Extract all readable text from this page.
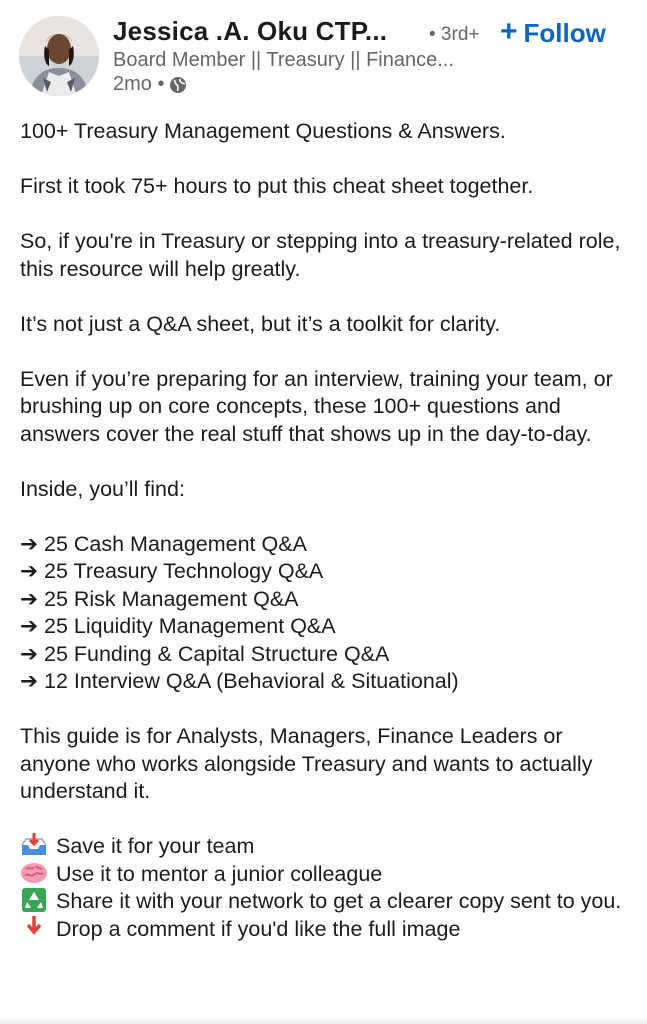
Jessica .A. Oku CTP... • 3rd+ + Follow
Board Member || Treasury || Finance...
2mo •

100+ Treasury Management Questions & Answers.

First it took 75+ hours to put this cheat sheet together.

So, if you're in Treasury or stepping into a treasury-related role, this resource will help greatly.

It’s not just a Q&A sheet, but it’s a toolkit for clarity.

Even if you’re preparing for an interview, training your team, or brushing up on core concepts, these 100+ questions and answers cover the real stuff that shows up in the day-to-day.

Inside, you’ll find:

➔ 25 Cash Management Q&A
➔ 25 Treasury Technology Q&A
➔ 25 Risk Management Q&A
➔ 25 Liquidity Management Q&A
➔ 25 Funding & Capital Structure Q&A
➔ 12 Interview Q&A (Behavioral & Situational)

This guide is for Analysts, Managers, Finance Leaders or anyone who works alongside Treasury and wants to actually understand it.

Save it for your team
Use it to mentor a junior colleague
Share it with your network to get a clearer copy sent to you.
Drop a comment if you'd like the full image
